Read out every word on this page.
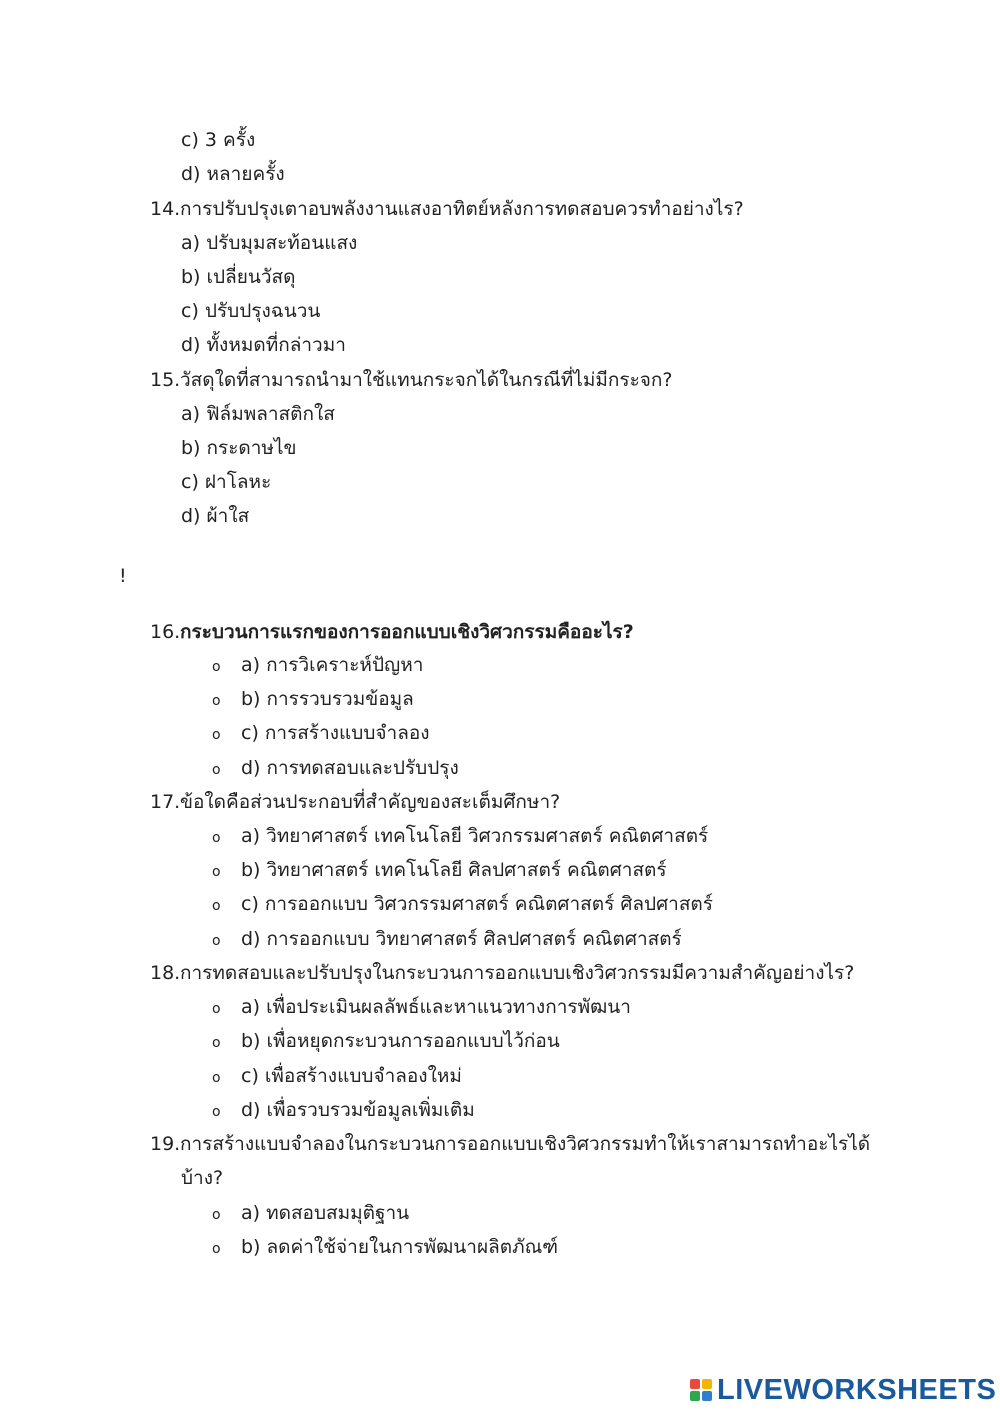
c) 3 ครั้ง
d) หลายครั้ง
14.การปรับปรุงเตาอบพลังงานแสงอาทิตย์หลังการทดสอบควรทำอย่างไร?
a) ปรับมุมสะท้อนแสง
b) เปลี่ยนวัสดุ
c) ปรับปรุงฉนวน
d) ทั้งหมดที่กล่าวมา
15.วัสดุใดที่สามารถนำมาใช้แทนกระจกได้ในกรณีที่ไม่มีกระจก?
a) ฟิล์มพลาสติกใส
b) กระดาษไข
c) ฝาโลหะ
d) ผ้าใส
!
16.กระบวนการแรกของการออกแบบเชิงวิศวกรรมคืออะไร?
o a) การวิเคราะห์ปัญหา
o b) การรวบรวมข้อมูล
o c) การสร้างแบบจำลอง
o d) การทดสอบและปรับปรุง
17.ข้อใดคือส่วนประกอบที่สำคัญของสะเต็มศึกษา?
o a) วิทยาศาสตร์ เทคโนโลยี วิศวกรรมศาสตร์ คณิตศาสตร์
o b) วิทยาศาสตร์ เทคโนโลยี ศิลปศาสตร์ คณิตศาสตร์
o c) การออกแบบ วิศวกรรมศาสตร์ คณิตศาสตร์ ศิลปศาสตร์
o d) การออกแบบ วิทยาศาสตร์ ศิลปศาสตร์ คณิตศาสตร์
18.การทดสอบและปรับปรุงในกระบวนการออกแบบเชิงวิศวกรรมมีความสำคัญอย่างไร?
o a) เพื่อประเมินผลลัพธ์และหาแนวทางการพัฒนา
o b) เพื่อหยุดกระบวนการออกแบบไว้ก่อน
o c) เพื่อสร้างแบบจำลองใหม่
o d) เพื่อรวบรวมข้อมูลเพิ่มเติม
19.การสร้างแบบจำลองในกระบวนการออกแบบเชิงวิศวกรรมทำให้เราสามารถทำอะไรได้
บ้าง?
o a) ทดสอบสมมุติฐาน
o b) ลดค่าใช้จ่ายในการพัฒนาผลิตภัณฑ์
LIVEWORKSHEETS
